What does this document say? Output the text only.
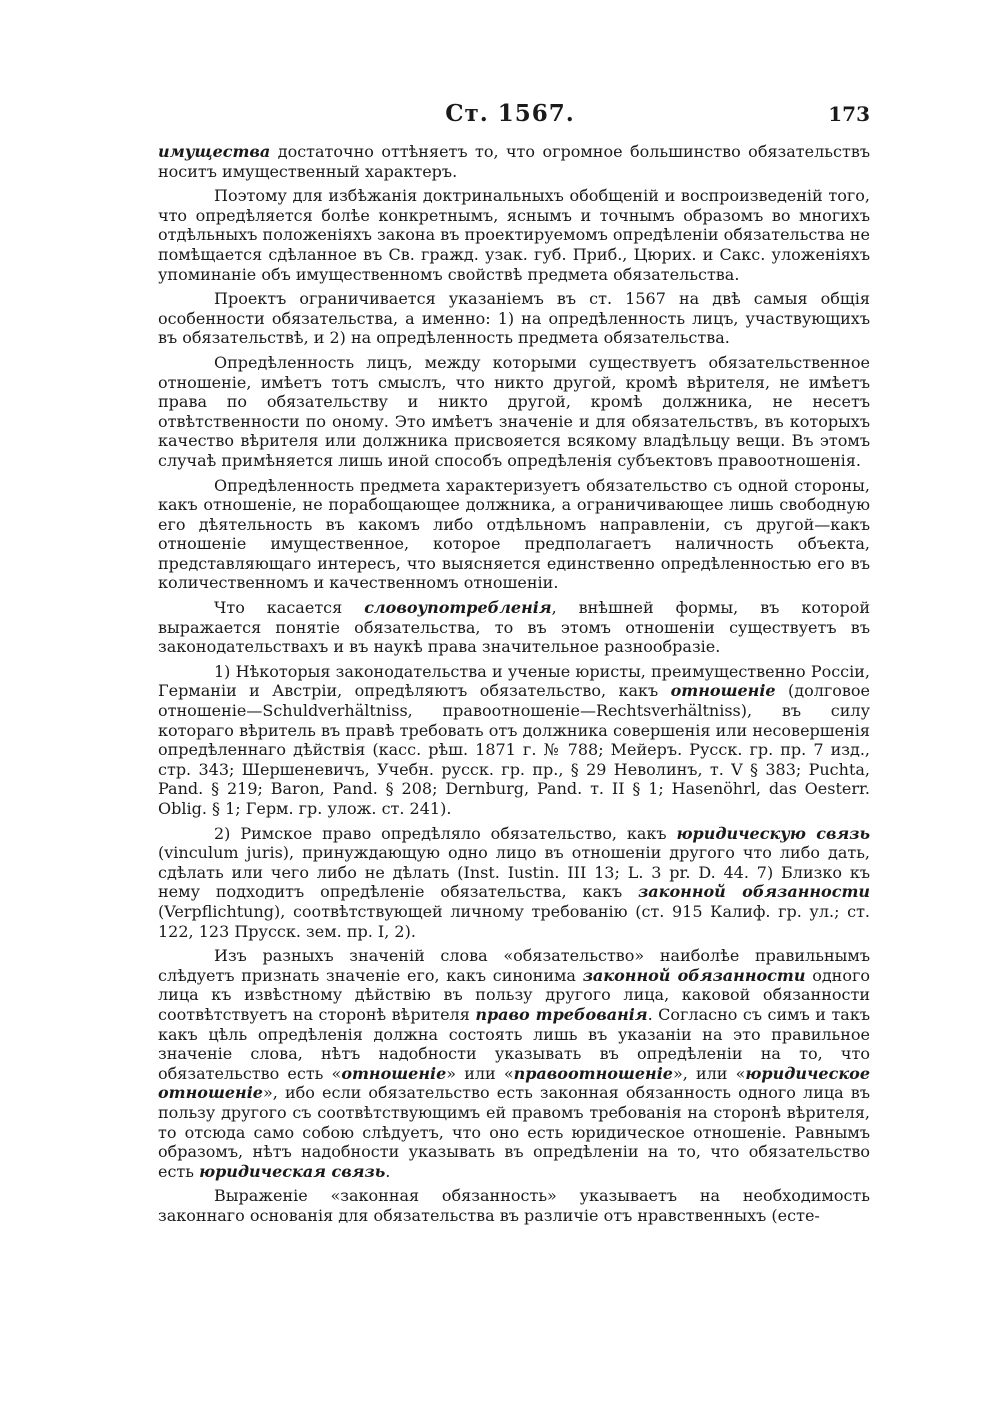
Ст. 1567.	173

имущества достаточно оттѣняетъ то, что огромное большинство обязательствъ носитъ имущественный характеръ.

Поэтому для избѣжанія доктринальныхъ обобщеній и воспроизведеній того, что опредѣляется болѣе конкретнымъ, яснымъ и точнымъ образомъ во многихъ отдѣльныхъ положеніяхъ закона въ проектируемомъ опредѣленіи обязательства не помѣщается сдѣланное въ Св. гражд. узак. губ. Приб., Цюрих. и Сакс. уложеніяхъ упоминаніе объ имущественномъ свойствѣ предмета обязательства.

Проектъ ограничивается указаніемъ въ ст. 1567 на двѣ самыя общія особенности обязательства, а именно: 1) на опредѣленность лицъ, участвующихъ въ обязательствѣ, и 2) на опредѣленность предмета обязательства.

Опредѣленность лицъ, между которыми существуетъ обязательственное отношеніе, имѣетъ тотъ смыслъ, что никто другой, кромѣ вѣрителя, не имѣетъ права по обязательству и никто другой, кромѣ должника, не несетъ отвѣтственности по оному. Это имѣетъ значеніе и для обязательствъ, въ которыхъ качество вѣрителя или должника присвояется всякому владѣльцу вещи. Въ этомъ случаѣ примѣняется лишь иной способъ опредѣленія субъектовъ правоотношенія.

Опредѣленность предмета характеризуетъ обязательство съ одной стороны, какъ отношеніе, не порабощающее должника, а ограничивающее лишь свободную его дѣятельность въ какомъ либо отдѣльномъ направленіи, съ другой—какъ отношеніе имущественное, которое предполагаетъ наличность объекта, представляющаго интересъ, что выясняется единственно опредѣленностью его въ количественномъ и качественномъ отношеніи.

Что касается словоупотребленія, внѣшней формы, въ которой выражается понятіе обязательства, то въ этомъ отношеніи существуетъ въ законодательствахъ и въ наукѣ права значительное разнообразіе.

1) Нѣкоторыя законодательства и ученые юристы, преимущественно Россіи, Германіи и Австріи, опредѣляютъ обязательство, какъ отношеніе (долговое отношеніе—Schuldverhältniss, правоотношеніе—Rechtsverhältniss), въ силу котораго вѣритель въ правѣ требовать отъ должника совершенія или несовершенія опредѣленнаго дѣйствія (касс. рѣш. 1871 г. № 788; Мейеръ. Русск. гр. пр. 7 изд., стр. 343; Шершеневичъ, Учебн. русск. гр. пр., § 29 Неволинъ, т. V § 383; Puchta, Pand. § 219; Baron, Pand. § 208; Dernburg, Pand. т. II § 1; Hasenöhrl, das Oesterr. Oblig. § 1; Герм. гр. улож. ст. 241).

2) Римское право опредѣляло обязательство, какъ юридическую связь (vinculum juris), принуждающую одно лицо въ отношеніи другого что либо дать, сдѣлать или чего либо не дѣлать (Inst. Iustin. III 13; L. 3 pr. D. 44. 7) Близко къ нему подходитъ опредѣленіе обязательства, какъ законной обязанности (Verpflichtung), соотвѣтствующей личному требованію (ст. 915 Калиф. гр. ул.; ст. 122, 123 Прусск. зем. пр. I, 2).

Изъ разныхъ значеній слова «обязательство» наиболѣе правильнымъ слѣдуетъ признать значеніе его, какъ синонима законной обязанности одного лица къ извѣстному дѣйствію въ пользу другого лица, каковой обязанности соотвѣтствуетъ на сторонѣ вѣрителя право требованія. Согласно съ симъ и такъ какъ цѣль опредѣленія должна состоять лишь въ указаніи на это правильное значеніе слова, нѣтъ надобности указывать въ опредѣленіи на то, что обязательство есть «отношеніе» или «правоотношеніе», или «юридическое отношеніе», ибо если обязательство есть законная обязанность одного лица въ пользу другого съ соотвѣтствующимъ ей правомъ требованія на сторонѣ вѣрителя, то отсюда само собою слѣдуетъ, что оно есть юридическое отношеніе. Равнымъ образомъ, нѣтъ надобности указывать въ опредѣленіи на то, что обязательство есть юридическая связь.

Выраженіе «законная обязанность» указываетъ на необходимость законнаго основанія для обязательства въ различіе отъ нравственныхъ (есте-
